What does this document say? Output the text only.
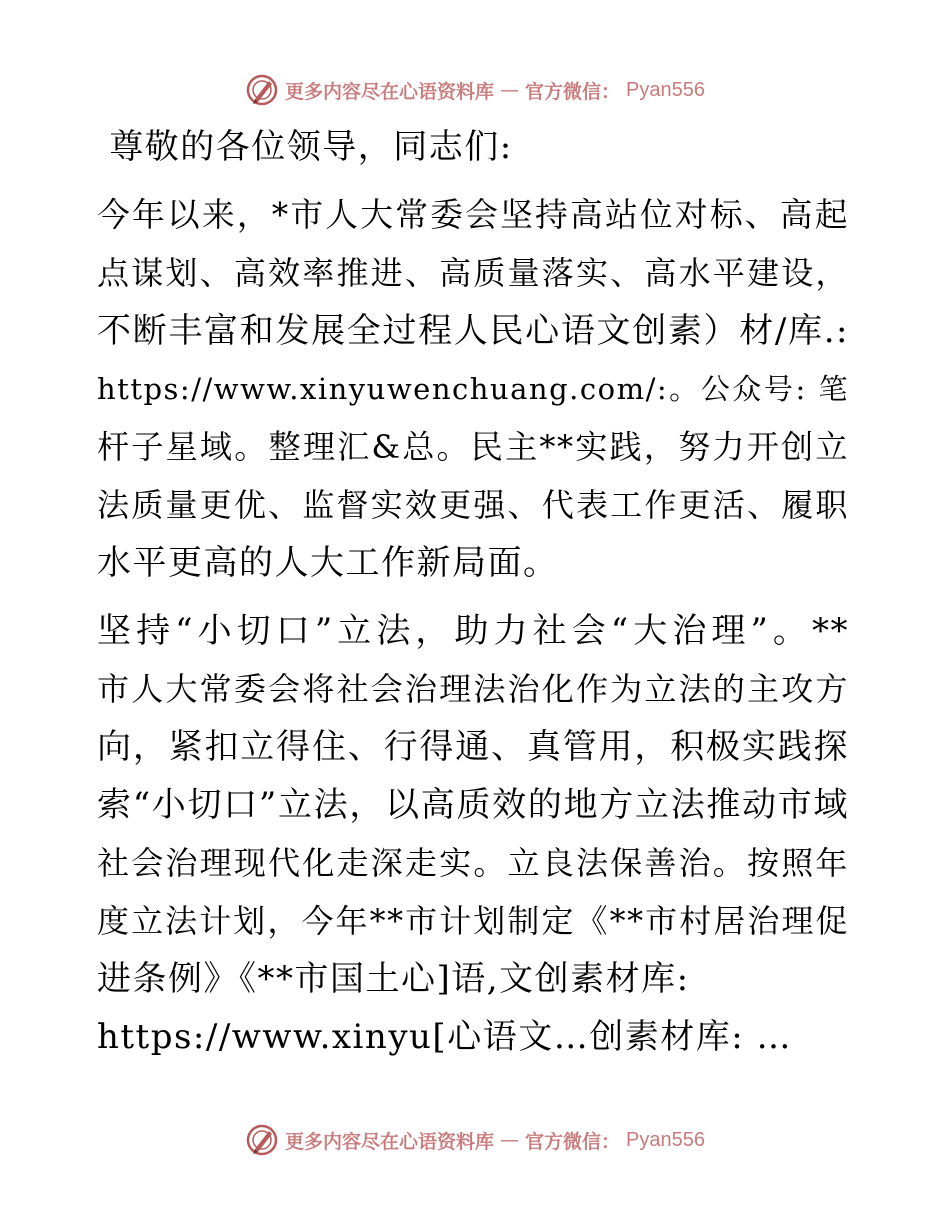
更多内容尽在心语资料库 — 官方微信： Pyan556

尊敬的各位领导，同志们:

今年以来，*市人大常委会坚持高站位对标、高起
点谋划、高效率推进、高质量落实、高水平建设，
不断丰富和发展全过程人民心语文创素）材/库.:
https://www.xinyuwenchuang.com/:。公众号: 笔
杆子星域。整理汇&总。民主**实践，努力开创立
法质量更优、监督实效更强、代表工作更活、履职
水平更高的人大工作新局面。

坚持“小切口”立法，助力社会“大治理”。**
市人大常委会将社会治理法治化作为立法的主攻方
向，紧扣立得住、行得通、真管用，积极实践探
索“小切口”立法，以高质效的地方立法推动市域
社会治理现代化走深走实。立良法保善治。按照年
度立法计划，今年**市计划制定《**市村居治理促
进条例》《**市国土心]语,文创素材库:
https://www.xinyu[心语文…创素材库: …

更多内容尽在心语资料库 — 官方微信： Pyan556
